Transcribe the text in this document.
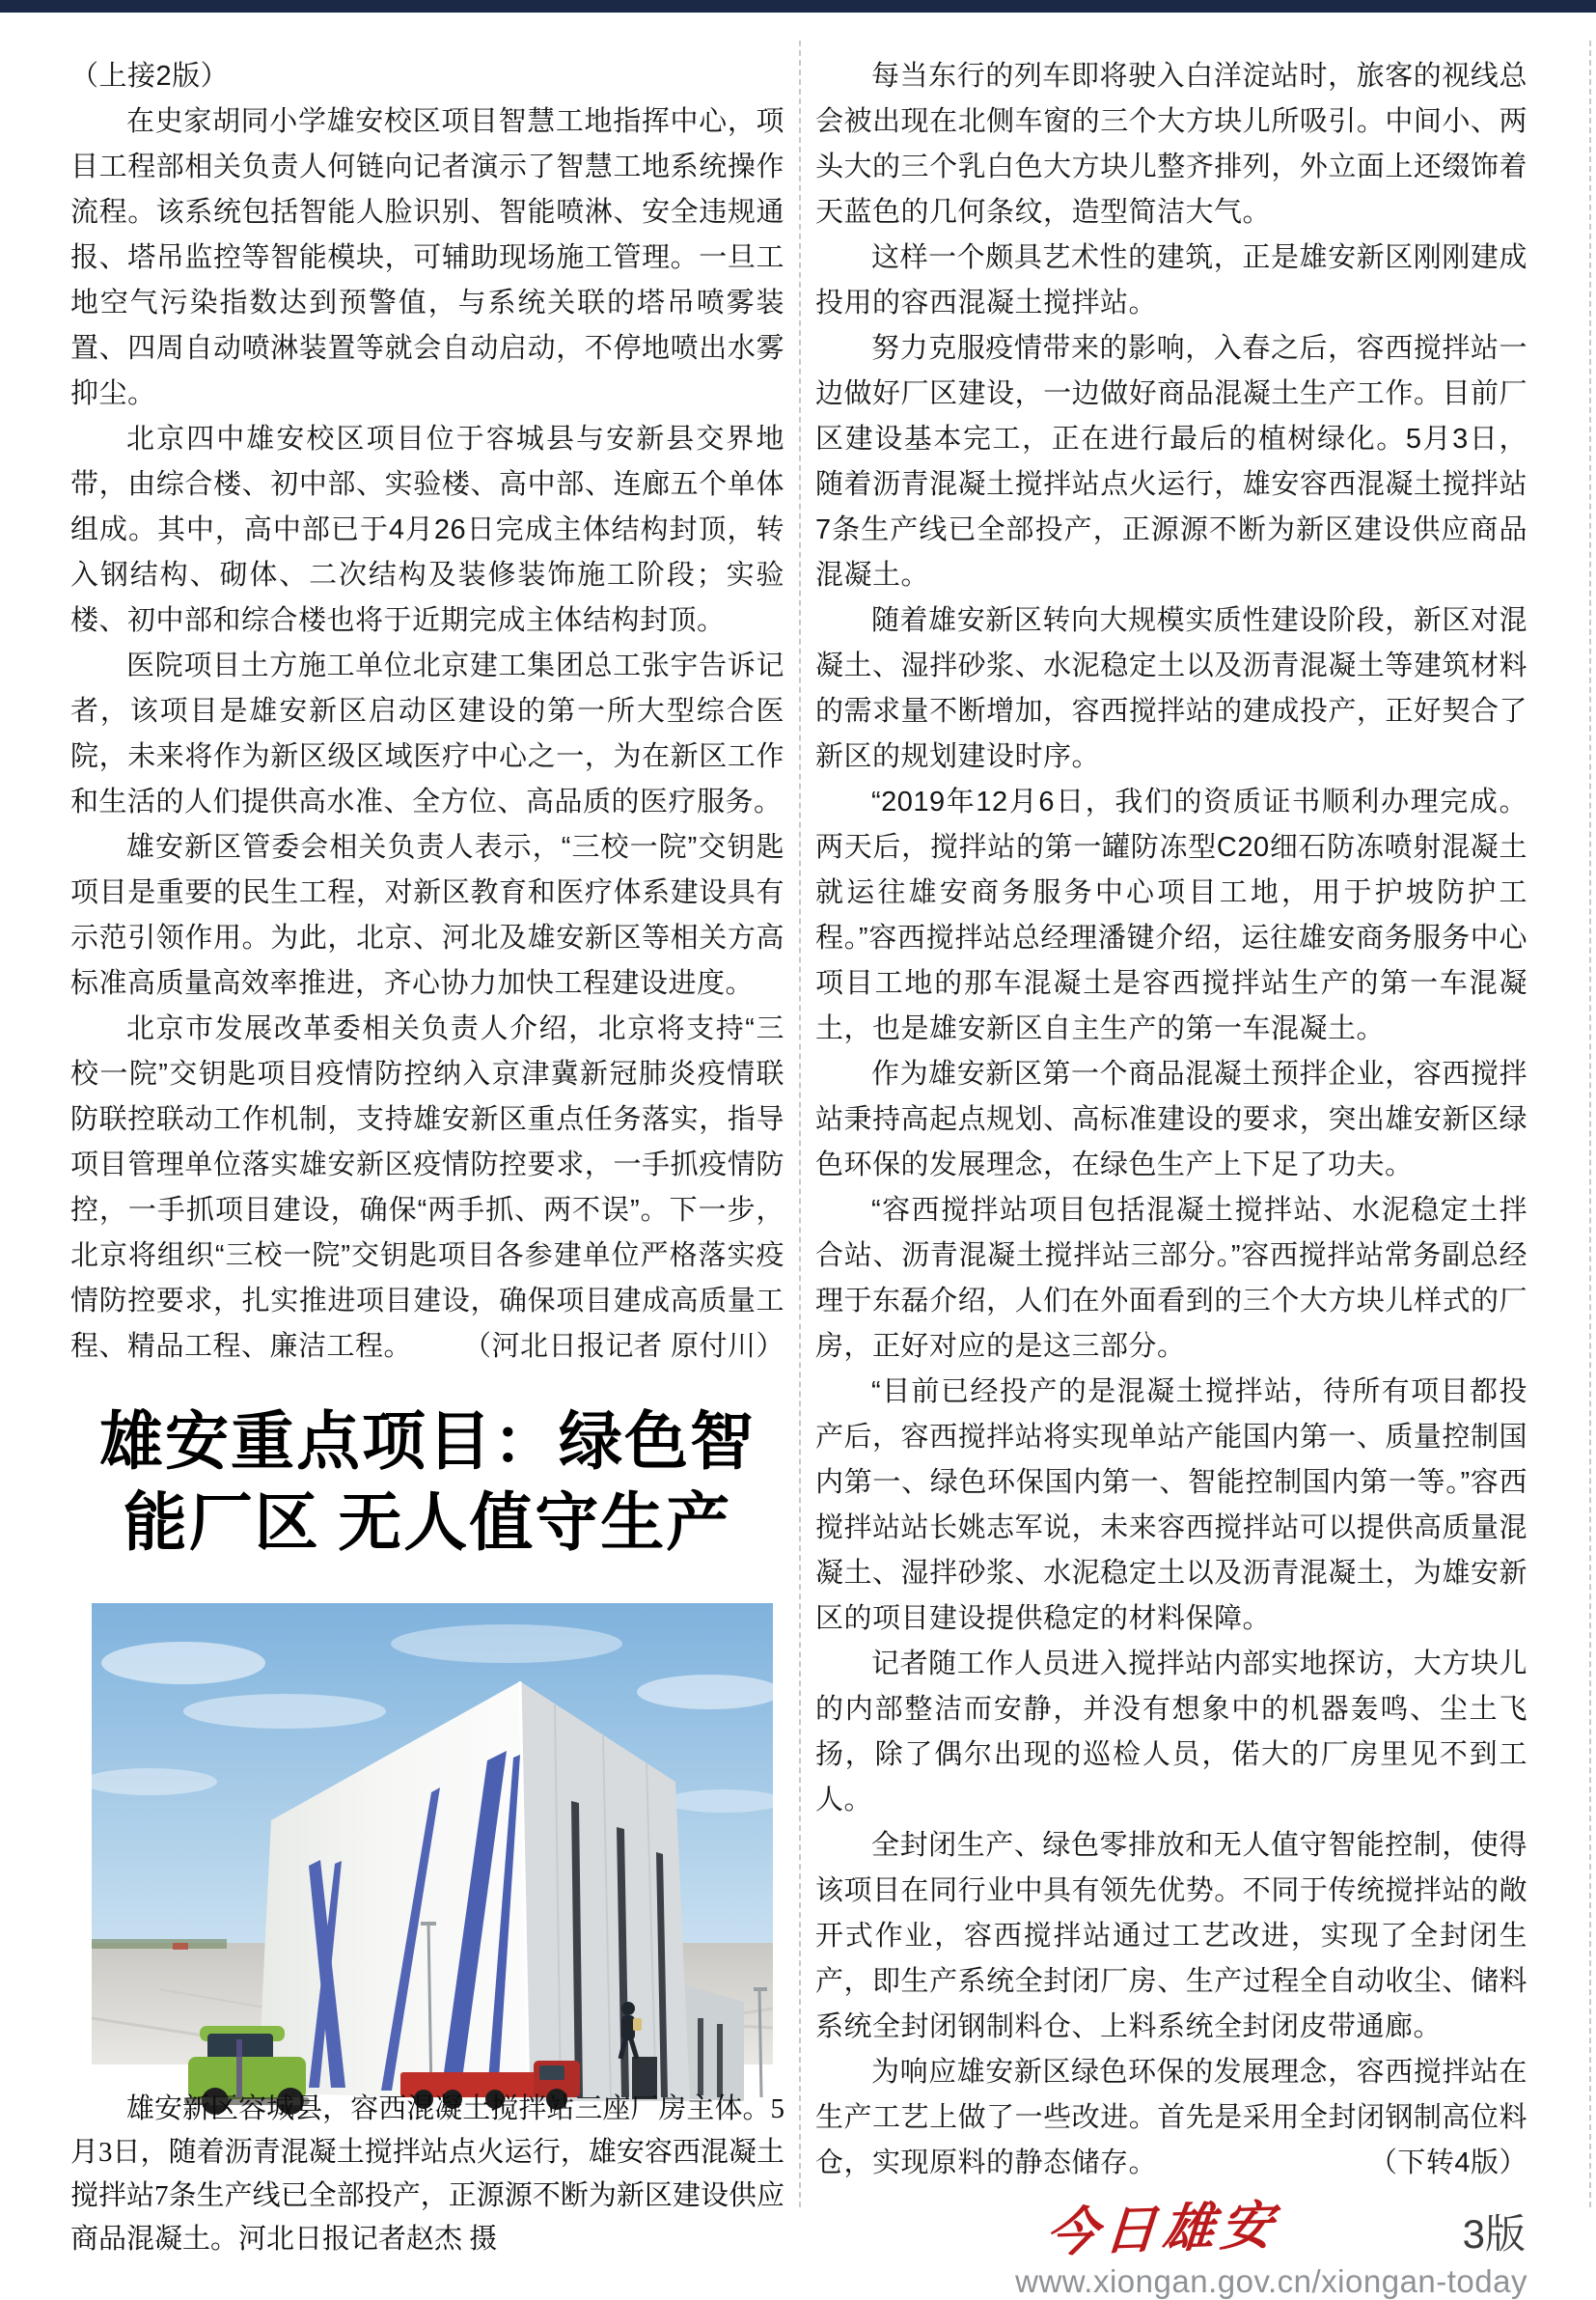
（上接2版）

在史家胡同小学雄安校区项目智慧工地指挥中心，项目工程部相关负责人何链向记者演示了智慧工地系统操作流程。该系统包括智能人脸识别、智能喷淋、安全违规通报、塔吊监控等智能模块，可辅助现场施工管理。一旦工地空气污染指数达到预警值，与系统关联的塔吊喷雾装置、四周自动喷淋装置等就会自动启动，不停地喷出水雾抑尘。

北京四中雄安校区项目位于容城县与安新县交界地带，由综合楼、初中部、实验楼、高中部、连廊五个单体组成。其中，高中部已于4月26日完成主体结构封顶，转入钢结构、砌体、二次结构及装修装饰施工阶段；实验楼、初中部和综合楼也将于近期完成主体结构封顶。

医院项目土方施工单位北京建工集团总工张宇告诉记者，该项目是雄安新区启动区建设的第一所大型综合医院，未来将作为新区级区域医疗中心之一，为在新区工作和生活的人们提供高水准、全方位、高品质的医疗服务。

雄安新区管委会相关负责人表示，“三校一院”交钥匙项目是重要的民生工程，对新区教育和医疗体系建设具有示范引领作用。为此，北京、河北及雄安新区等相关方高标准高质量高效率推进，齐心协力加快工程建设进度。

北京市发展改革委相关负责人介绍，北京将支持“三校一院”交钥匙项目疫情防控纳入京津冀新冠肺炎疫情联防联控联动工作机制，支持雄安新区重点任务落实，指导项目管理单位落实雄安新区疫情防控要求，一手抓疫情防控，一手抓项目建设，确保“两手抓、两不误”。下一步，北京将组织“三校一院”交钥匙项目各参建单位严格落实疫情防控要求，扎实推进项目建设，确保项目建成高质量工程、精品工程、廉洁工程。 （河北日报记者 原付川）

雄安重点项目：绿色智
能厂区 无人值守生产

雄安新区容城县，容西混凝土搅拌站三座厂房主体。5月3日，随着沥青混凝土搅拌站点火运行，雄安容西混凝土搅拌站7条生产线已全部投产，正源源不断为新区建设供应商品混凝土。河北日报记者赵杰 摄

每当东行的列车即将驶入白洋淀站时，旅客的视线总会被出现在北侧车窗的三个大方块儿所吸引。中间小、两头大的三个乳白色大方块儿整齐排列，外立面上还缀饰着天蓝色的几何条纹，造型简洁大气。

这样一个颇具艺术性的建筑，正是雄安新区刚刚建成投用的容西混凝土搅拌站。

努力克服疫情带来的影响，入春之后，容西搅拌站一边做好厂区建设，一边做好商品混凝土生产工作。目前厂区建设基本完工，正在进行最后的植树绿化。5月3日，随着沥青混凝土搅拌站点火运行，雄安容西混凝土搅拌站7条生产线已全部投产，正源源不断为新区建设供应商品混凝土。

随着雄安新区转向大规模实质性建设阶段，新区对混凝土、湿拌砂浆、水泥稳定土以及沥青混凝土等建筑材料的需求量不断增加，容西搅拌站的建成投产，正好契合了新区的规划建设时序。

“2019年12月6日，我们的资质证书顺利办理完成。两天后，搅拌站的第一罐防冻型C20细石防冻喷射混凝土就运往雄安商务服务中心项目工地，用于护坡防护工程。”容西搅拌站总经理潘键介绍，运往雄安商务服务中心项目工地的那车混凝土是容西搅拌站生产的第一车混凝土，也是雄安新区自主生产的第一车混凝土。

作为雄安新区第一个商品混凝土预拌企业，容西搅拌站秉持高起点规划、高标准建设的要求，突出雄安新区绿色环保的发展理念，在绿色生产上下足了功夫。

“容西搅拌站项目包括混凝土搅拌站、水泥稳定土拌合站、沥青混凝土搅拌站三部分。”容西搅拌站常务副总经理于东磊介绍，人们在外面看到的三个大方块儿样式的厂房，正好对应的是这三部分。

“目前已经投产的是混凝土搅拌站，待所有项目都投产后，容西搅拌站将实现单站产能国内第一、质量控制国内第一、绿色环保国内第一、智能控制国内第一等。”容西搅拌站站长姚志军说，未来容西搅拌站可以提供高质量混凝土、湿拌砂浆、水泥稳定土以及沥青混凝土，为雄安新区的项目建设提供稳定的材料保障。

记者随工作人员进入搅拌站内部实地探访，大方块儿的内部整洁而安静，并没有想象中的机器轰鸣、尘土飞扬，除了偶尔出现的巡检人员，偌大的厂房里见不到工人。

全封闭生产、绿色零排放和无人值守智能控制，使得该项目在同行业中具有领先优势。不同于传统搅拌站的敞开式作业，容西搅拌站通过工艺改进，实现了全封闭生产，即生产系统全封闭厂房、生产过程全自动收尘、储料系统全封闭钢制料仓、上料系统全封闭皮带通廊。

为响应雄安新区绿色环保的发展理念，容西搅拌站在生产工艺上做了一些改进。首先是采用全封闭钢制高位料仓，实现原料的静态储存。	（下转4版）

今日雄安	3版
www.xiongan.gov.cn/xiongan-today
